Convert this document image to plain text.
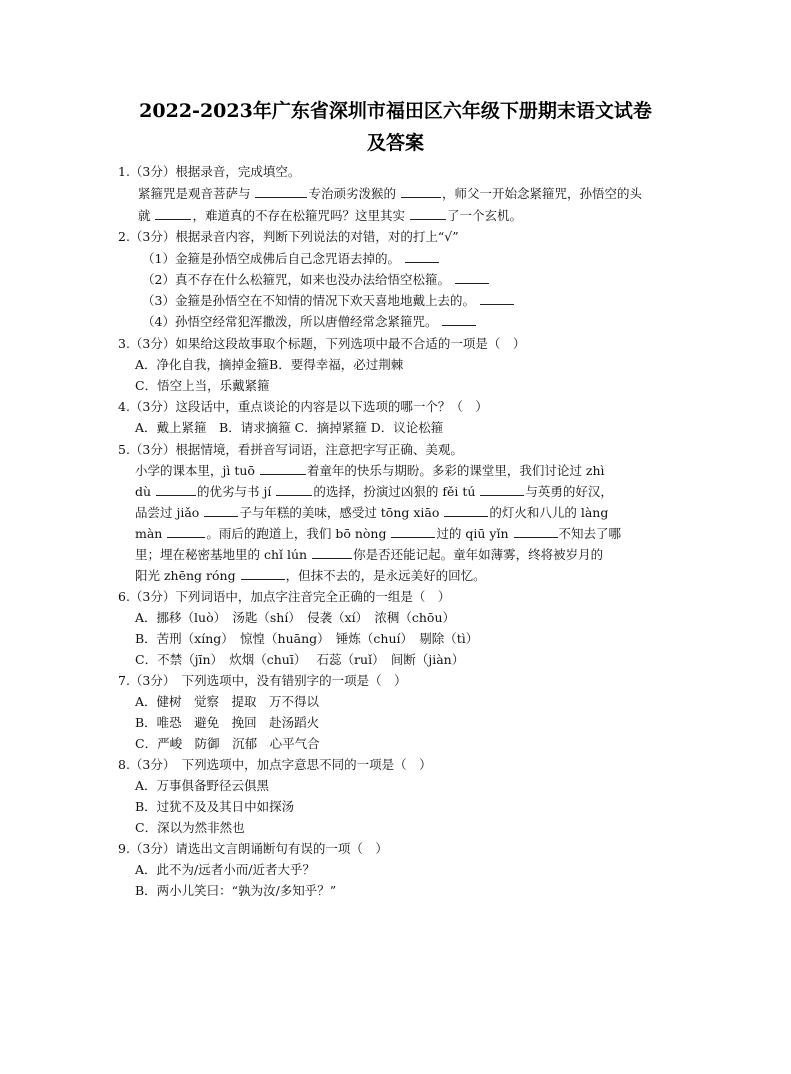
2022-2023年广东省深圳市福田区六年级下册期末语文试卷
及答案
1.（3分）根据录音，完成填空。
紧箍咒是观音菩萨与	专治顽劣泼猴的	，师父一开始念紧箍咒，孙悟空的头
就	，难道真的不存在松箍咒吗？这里其实	了一个玄机。
2.（3分）根据录音内容，判断下列说法的对错，对的打上“√”
（1）金箍是孙悟空成佛后自己念咒语去掉的。
（2）真不存在什么松箍咒，如来也没办法给悟空松箍。
（3）金箍是孙悟空在不知情的情况下欢天喜地地戴上去的。
（4）孙悟空经常犯浑撒泼，所以唐僧经常念紧箍咒。
3.（3分）如果给这段故事取个标题，下列选项中最不合适的一项是（　）
A．净化自我，摘掉金箍B．要得幸福，必过荆棘
C．悟空上当，乐戴紧箍
4.（3分）这段话中，重点谈论的内容是以下选项的哪一个？（　）
A．戴上紧箍　B．请求摘箍 C．摘掉紧箍 D．议论松箍
5.（3分）根据情境，看拼音写词语，注意把字写正确、美观。
小学的课本里，jì tuō	着童年的快乐与期盼。多彩的课堂里，我们讨论过 zhì
dù	的优劣与书 jí	的选择，扮演过凶狠的 fěi tú	与英勇的好汉，
品尝过 jiǎo	子与年糕的美味，感受过 tōng xiāo	的灯火和八儿的 làng
màn	。雨后的跑道上，我们 bō nòng	过的 qiū yǐn	不知去了哪
里；埋在秘密基地里的 chǐ lún	你是否还能记起。童年如薄雾，终将被岁月的
阳光 zhēng róng	，但抹不去的，是永远美好的回忆。
6.（3分）下列词语中，加点字注音完全正确的一组是（　）
A．挪移（luò）　汤匙（shí）　侵袭（xí）　浓稠（chōu）
B．苦刑（xíng）　惊惶（huāng）　锤炼（chuí）　剔除（tì）
C．不禁（jīn）　炊烟（chuī）　 石蕊（ruǐ）　间断（jiàn）
7.（3分）　下列选项中，没有错别字的一项是（　）
A．健树　觉察　提取　万不得以
B．唯恐　避免　挽回　赴汤蹈火
C．严峻　防御　沉郁　心平气合
8.（3分）　下列选项中，加点字意思不同的一项是（　）
A．万事俱备野径云俱黑
B．过犹不及及其日中如探汤
C．深以为然非然也
9.（3分）请选出文言朗诵断句有误的一项（　）
A．此不为/远者小而/近者大乎？
B．两小儿笑曰：“孰为汝/多知乎？”
